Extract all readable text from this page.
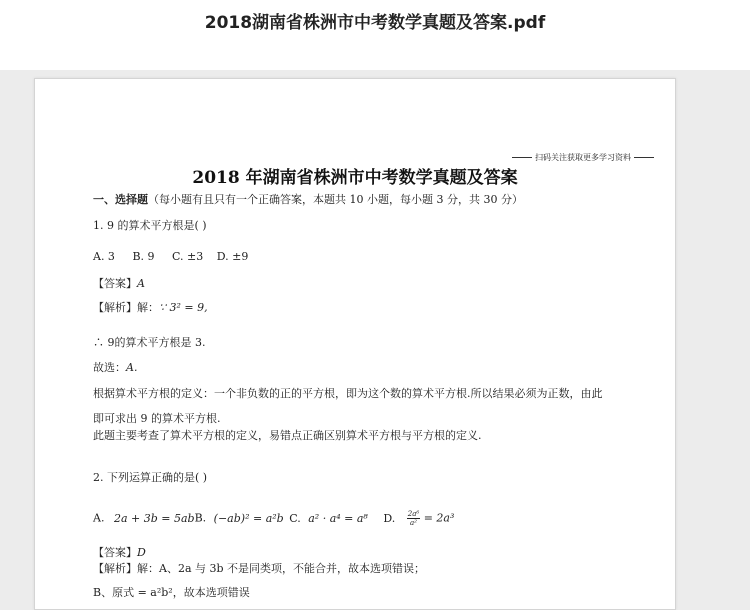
2018湖南省株洲市中考数学真题及答案.pdf
扫码关注获取更多学习资料
2018 年湖南省株洲市中考数学真题及答案
一、选择题（每小题有且只有一个正确答案，本题共 10 小题，每小题 3 分，共 30 分）
1. 9 的算术平方根是( )
A. 3 B. 9 C. ±3 D. ±9
【答案】A
【解析】解：∵ 3² = 9,
∴ 9的算术平方根是 3.
故选：A.
根据算术平方根的定义：一个非负数的正的平方根，即为这个数的算术平方根.所以结果必须为正数，由此
即可求出 9 的算术平方根.
此题主要考查了算术平方根的定义，易错点正确区别算术平方根与平方根的定义.
2. 下列运算正确的是( )
A. 2a + 3b = 5abB. (−ab)² = a²b C. a² · a⁴ = a⁸ D. $\frac{\text{2a⁶}}{\text{a²}} = 2a^3$
【答案】D
【解析】解：A、2a 与 3b 不是同类项，不能合并，故本选项错误；
B、原式 = a²b²，故本选项错误
